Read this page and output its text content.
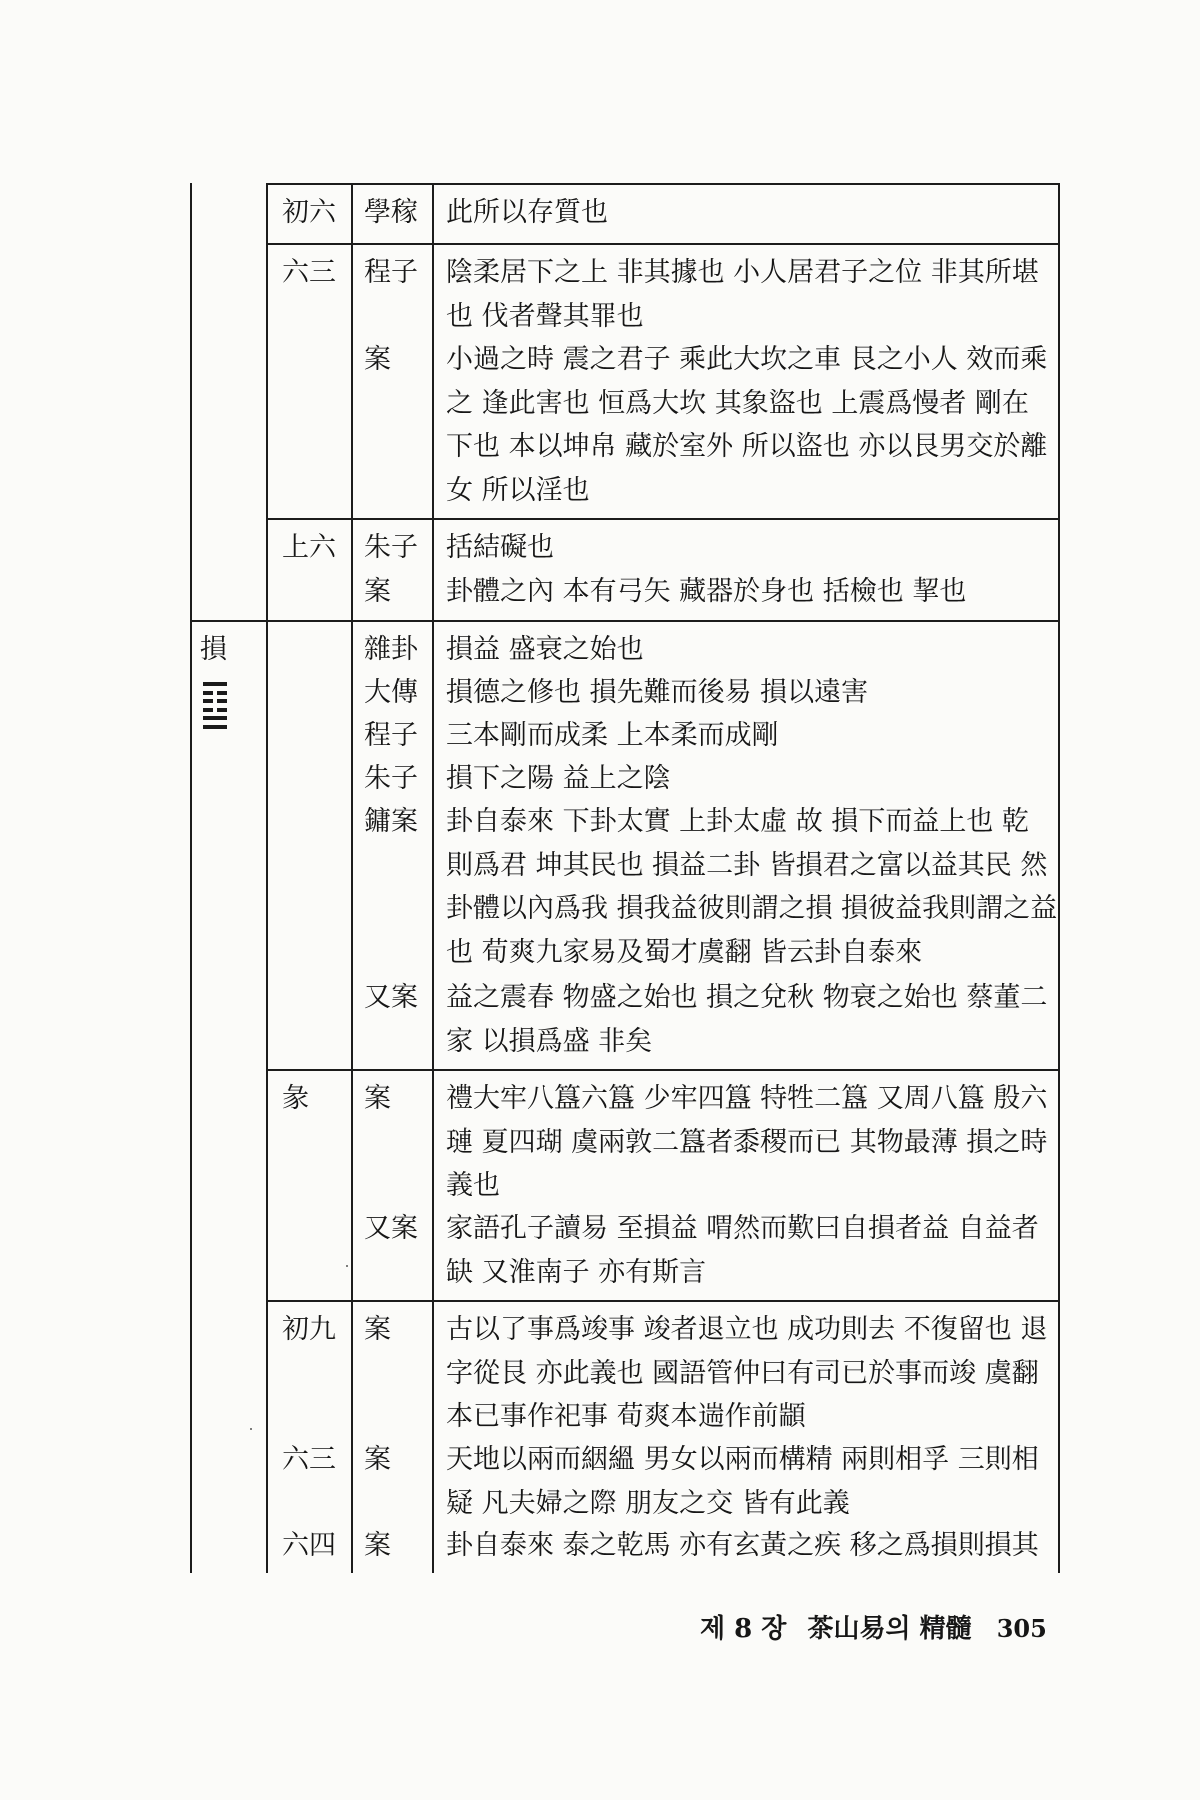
損
初六 學稼 此所以存質也
六三 程子 陰柔居下之上 非其據也 小人居君子之位 非其所堪
也 伐者聲其罪也
案 小過之時 震之君子 乘此大坎之車 艮之小人 效而乘
之 逢此害也 恒爲大坎 其象盜也 上震爲慢者 剛在
下也 本以坤帛 藏於室外 所以盜也 亦以艮男交於離
女 所以淫也
上六 朱子 括結礙也
案 卦體之內 本有弓矢 藏器於身也 括檢也 挈也
雜卦 損益 盛衰之始也
大傳 損德之修也 損先難而後易 損以遠害
程子 三本剛而成柔 上本柔而成剛
朱子 損下之陽 益上之陰
鏞案 卦自泰來 下卦太實 上卦太虛 故 損下而益上也 乾
則爲君 坤其民也 損益二卦 皆損君之富以益其民 然
卦體以內爲我 損我益彼則謂之損 損彼益我則謂之益
也 荀爽九家易及蜀才虞翻 皆云卦自泰來
又案 益之震春 物盛之始也 損之兌秋 物衰之始也 蔡董二
家 以損爲盛 非矣
彖 案 禮大牢八簋六簋 少牢四簋 特牲二簋 又周八簋 殷六
璉 夏四瑚 虞兩敦二簋者黍稷而已 其物最薄 損之時
義也
又案 家語孔子讀易 至損益 喟然而歎曰自損者益 自益者
缺 又淮南子 亦有斯言
初九 案 古以了事爲竣事 竣者退立也 成功則去 不復留也 退
字從艮 亦此義也 國語管仲曰有司已於事而竣 虞翻
本已事作祀事 荀爽本遄作前顓
六三 案 天地以兩而絪縕 男女以兩而構精 兩則相孚 三則相
疑 凡夫婦之際 朋友之交 皆有此義
六四 案 卦自泰來 泰之乾馬 亦有玄黃之疾 移之爲損則損其
제 8 장 茶山易의 精髓 305
